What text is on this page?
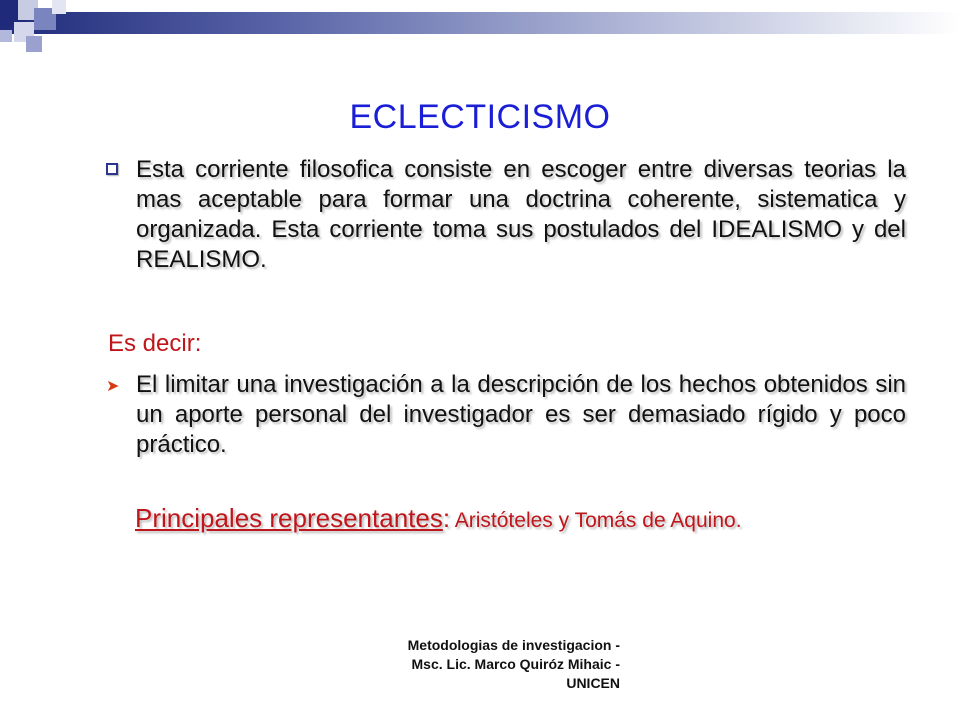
ECLECTICISMO
Esta corriente filosofica consiste en escoger entre diversas teorias la mas aceptable para formar una doctrina coherente, sistematica y organizada. Esta corriente toma sus postulados del IDEALISMO y del REALISMO.
Es decir:
➤ El limitar una investigación a la descripción de los hechos obtenidos sin un aporte personal del investigador es ser demasiado rígido y poco práctico.
Principales representantes: Aristóteles y Tomás de Aquino.
Metodologias de investigacion -
Msc. Lic. Marco Quiróz Mihaic -
UNICEN
